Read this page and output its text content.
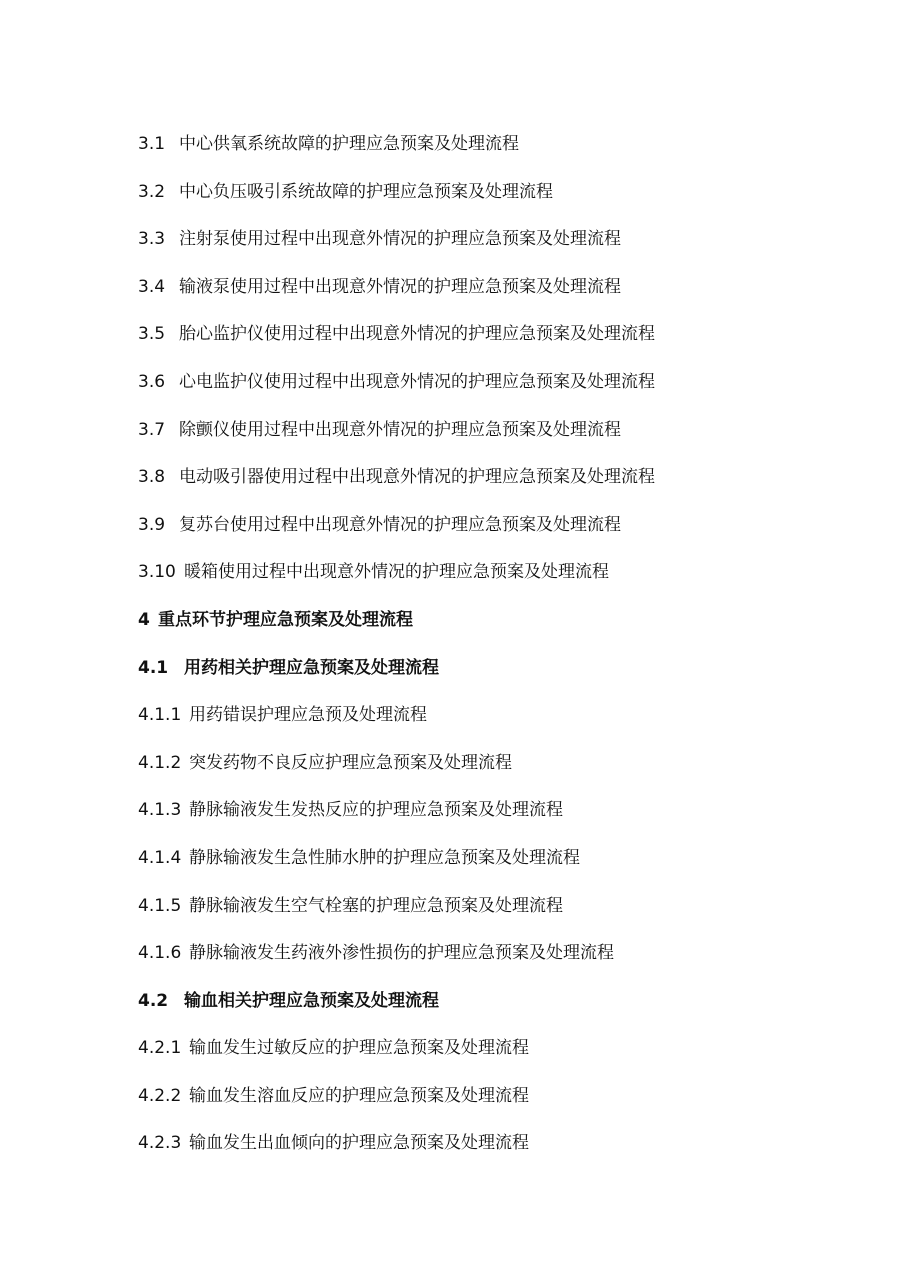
3.1 中心供氧系统故障的护理应急预案及处理流程
3.2 中心负压吸引系统故障的护理应急预案及处理流程
3.3 注射泵使用过程中出现意外情况的护理应急预案及处理流程
3.4 输液泵使用过程中出现意外情况的护理应急预案及处理流程
3.5 胎心监护仪使用过程中出现意外情况的护理应急预案及处理流程
3.6 心电监护仪使用过程中出现意外情况的护理应急预案及处理流程
3.7 除颤仪使用过程中出现意外情况的护理应急预案及处理流程
3.8 电动吸引器使用过程中出现意外情况的护理应急预案及处理流程
3.9 复苏台使用过程中出现意外情况的护理应急预案及处理流程
3.10 暖箱使用过程中出现意外情况的护理应急预案及处理流程
4 重点环节护理应急预案及处理流程
4.1 用药相关护理应急预案及处理流程
4.1.1 用药错误护理应急预及处理流程
4.1.2 突发药物不良反应护理应急预案及处理流程
4.1.3 静脉输液发生发热反应的护理应急预案及处理流程
4.1.4 静脉输液发生急性肺水肿的护理应急预案及处理流程
4.1.5 静脉输液发生空气栓塞的护理应急预案及处理流程
4.1.6 静脉输液发生药液外渗性损伤的护理应急预案及处理流程
4.2 输血相关护理应急预案及处理流程
4.2.1 输血发生过敏反应的护理应急预案及处理流程
4.2.2 输血发生溶血反应的护理应急预案及处理流程
4.2.3 输血发生出血倾向的护理应急预案及处理流程
